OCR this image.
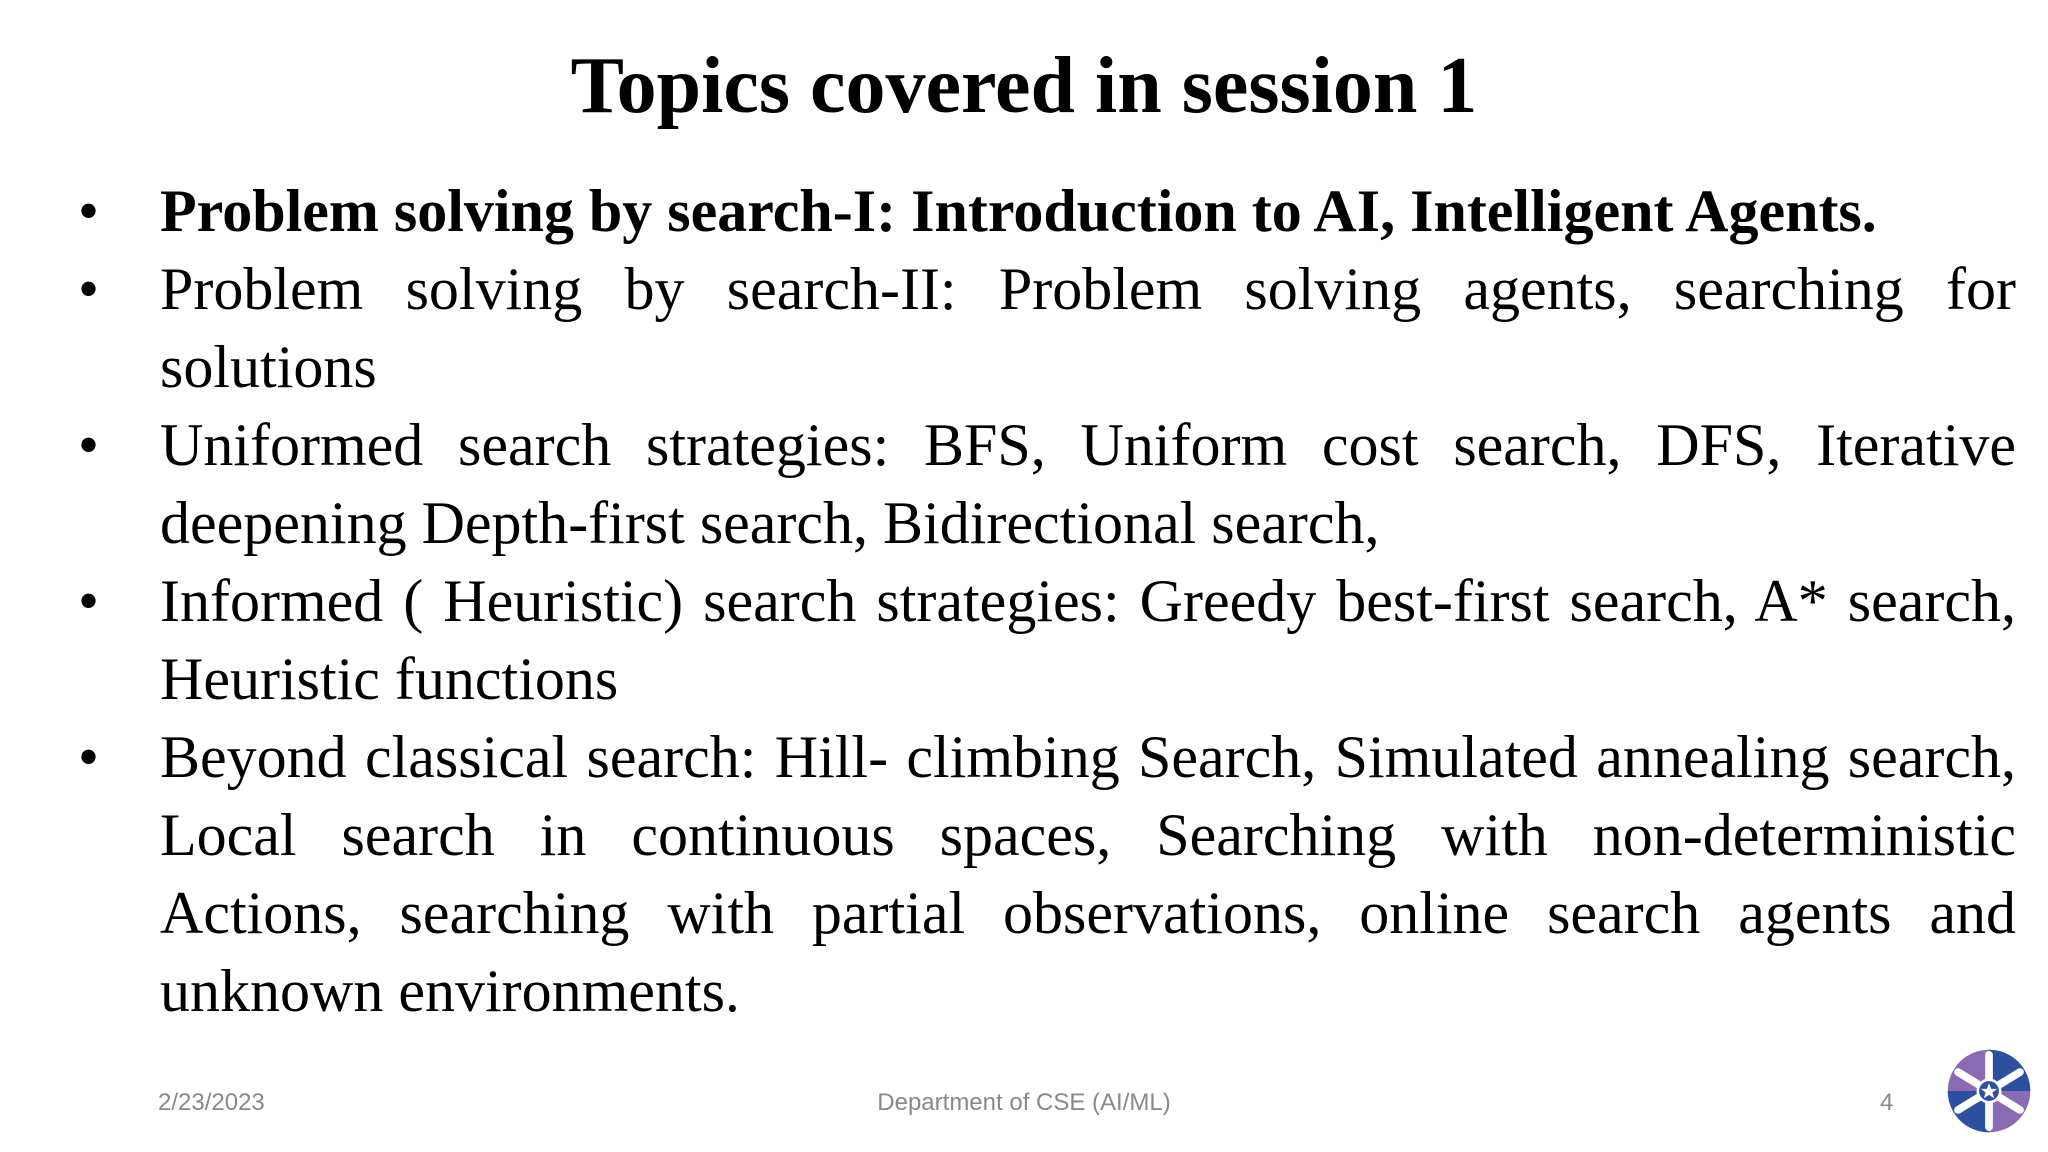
Topics covered in session 1
• Problem solving by search-I: Introduction to AI, Intelligent Agents.
• Problem solving by search-II: Problem solving agents, searching for solutions
• Uniformed search strategies: BFS, Uniform cost search, DFS, Iterative deepening Depth-first search, Bidirectional search,
• Informed ( Heuristic) search strategies: Greedy best-first search, A* search, Heuristic functions
• Beyond classical search: Hill- climbing Search, Simulated annealing search, Local search in continuous spaces, Searching with non-deterministic Actions, searching with partial observations, online search agents and unknown environments.
2/23/2023	Department of CSE (AI/ML)	4
